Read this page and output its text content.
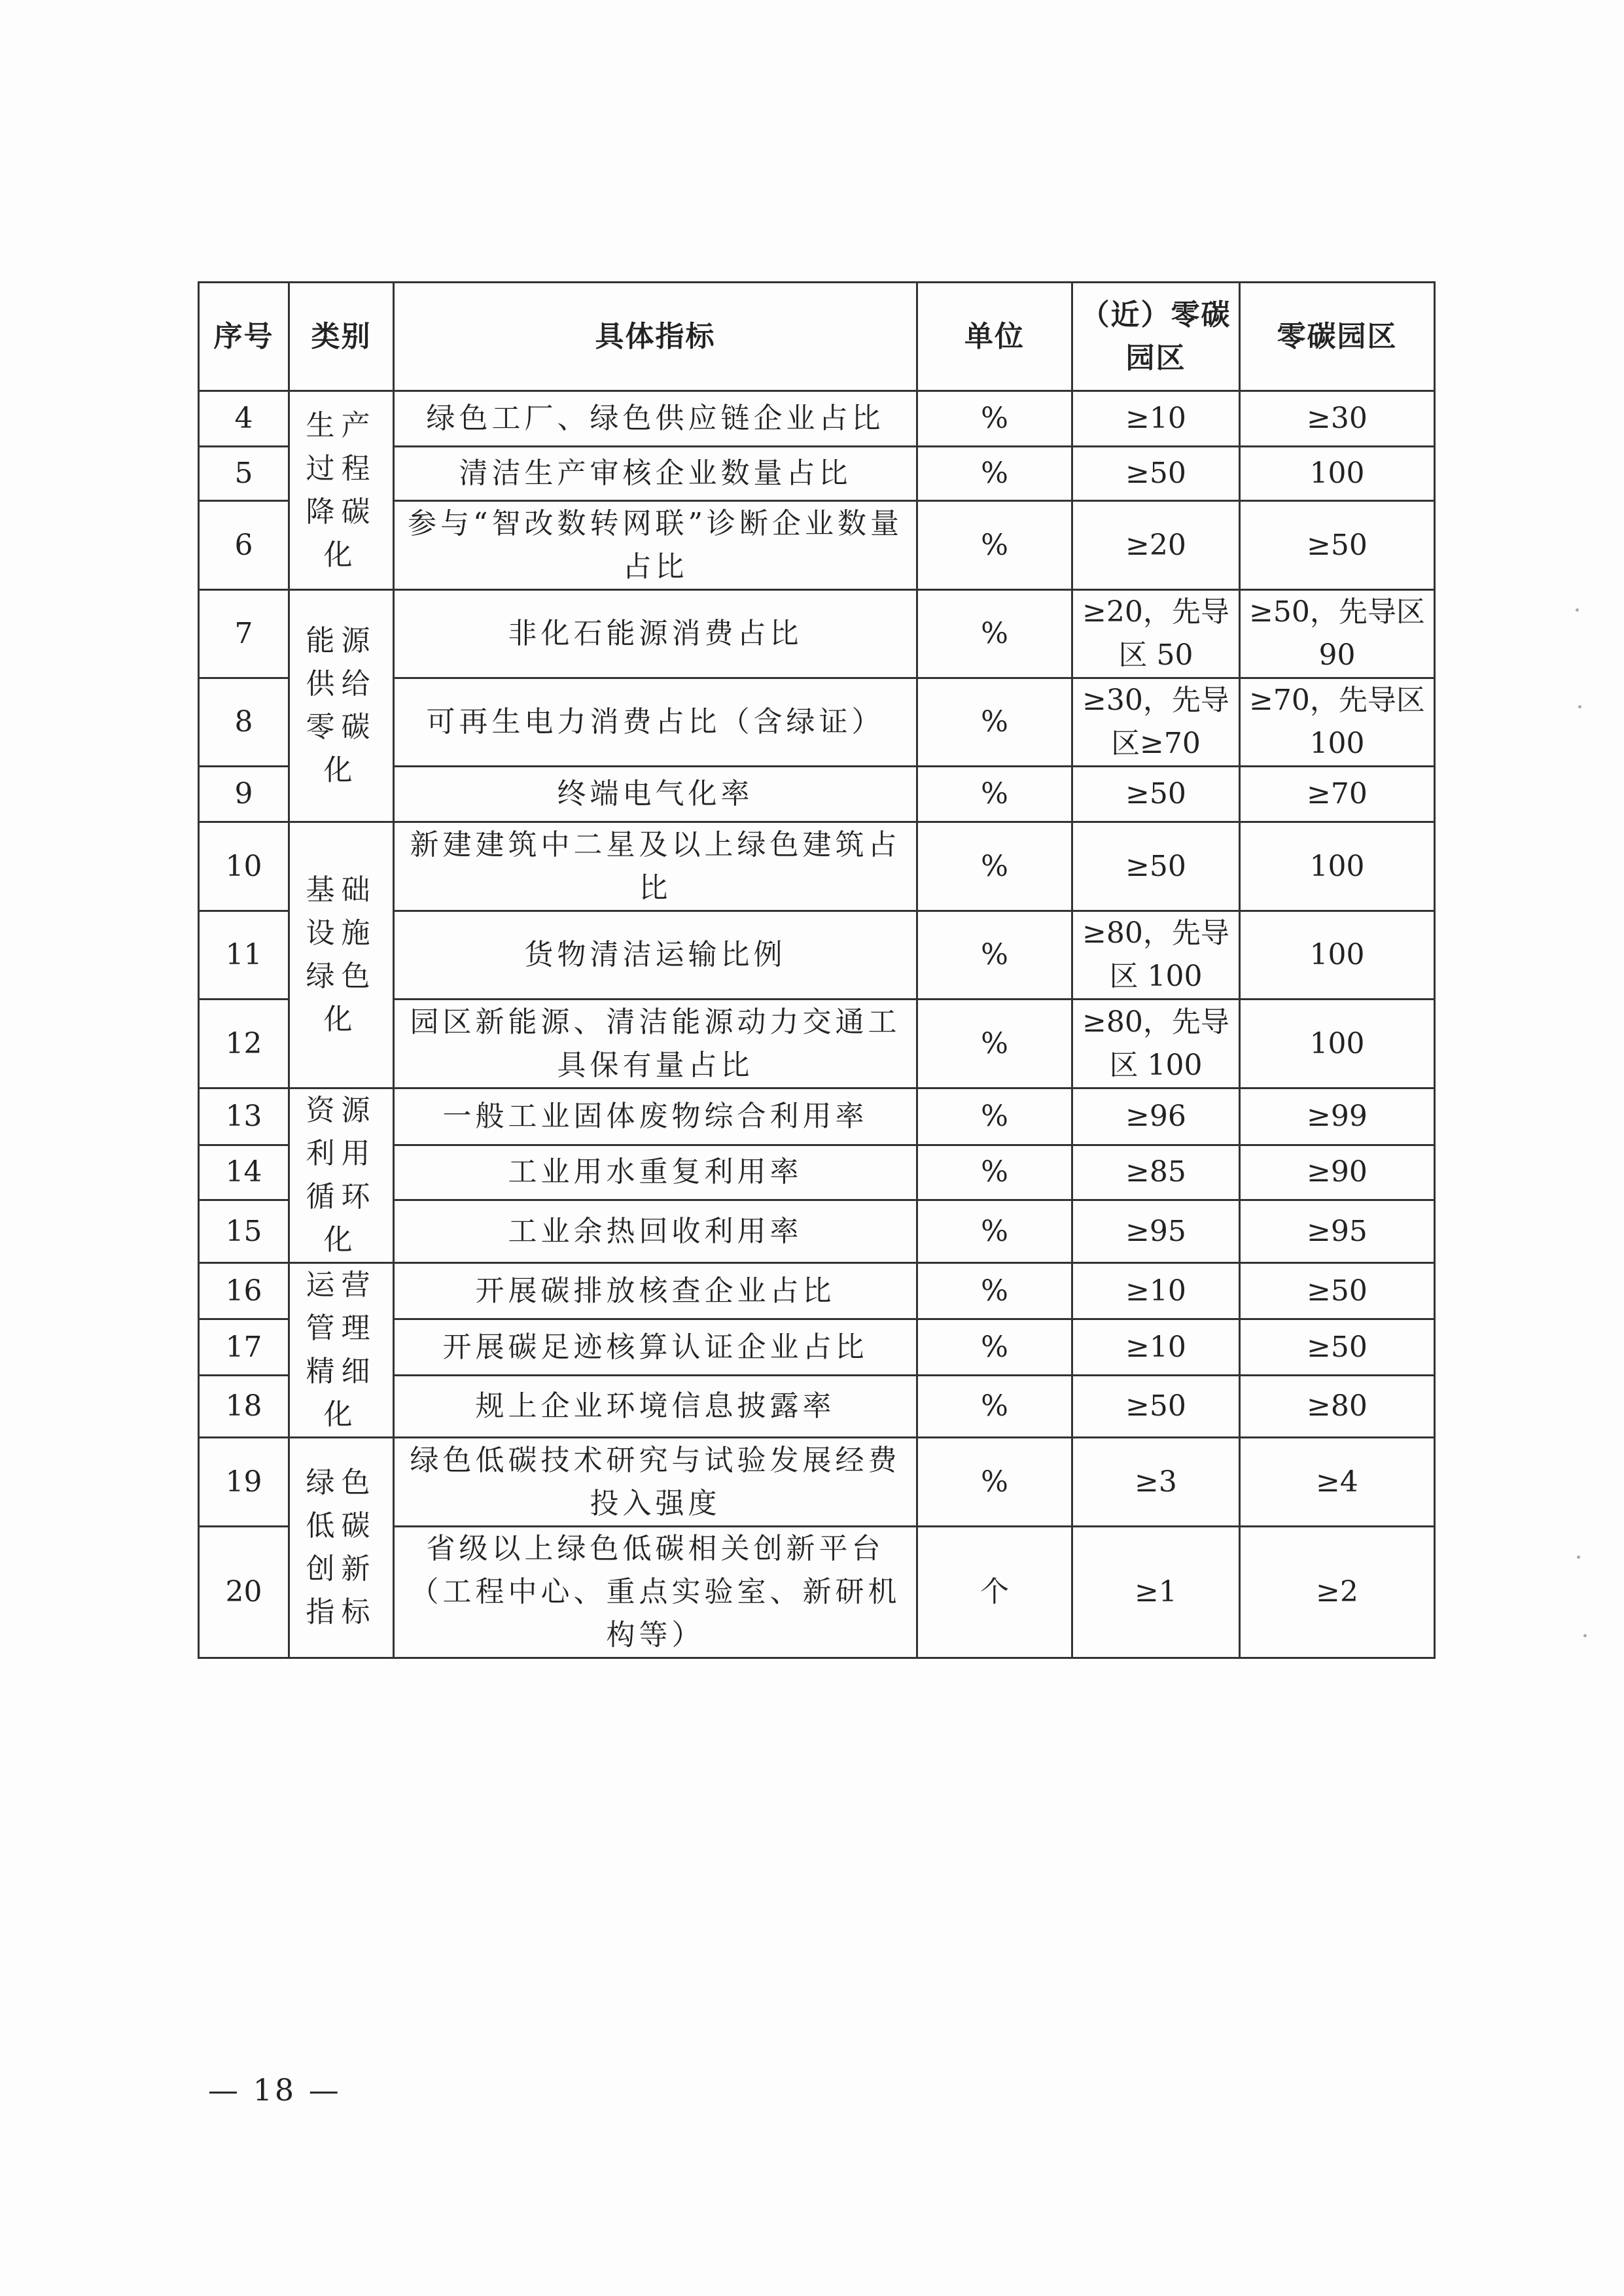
序号	类别	具体指标	单位	（近）零碳园区	零碳园区
4	生产过程降碳化	绿色工厂、绿色供应链企业占比	%	≥10	≥30
5		清洁生产审核企业数量占比	%	≥50	100
6		参与“智改数转网联”诊断企业数量占比	%	≥20	≥50
7	能源供给零碳化	非化石能源消费占比	%	≥20，先导区 50	≥50，先导区 90
8		可再生电力消费占比（含绿证）	%	≥30，先导区≥70	≥70，先导区 100
9		终端电气化率	%	≥50	≥70
10	基础设施绿色化	新建建筑中二星及以上绿色建筑占比	%	≥50	100
11		货物清洁运输比例	%	≥80，先导区 100	100
12		园区新能源、清洁能源动力交通工具保有量占比	%	≥80，先导区 100	100
13	资源利用循环化	一般工业固体废物综合利用率	%	≥96	≥99
14		工业用水重复利用率	%	≥85	≥90
15		工业余热回收利用率	%	≥95	≥95
16	运营管理精细化	开展碳排放核查企业占比	%	≥10	≥50
17		开展碳足迹核算认证企业占比	%	≥10	≥50
18		规上企业环境信息披露率	%	≥50	≥80
19	绿色低碳创新指标	绿色低碳技术研究与试验发展经费投入强度	%	≥3	≥4
20		省级以上绿色低碳相关创新平台（工程中心、重点实验室、新研机构等）	个	≥1	≥2
— 18 —
